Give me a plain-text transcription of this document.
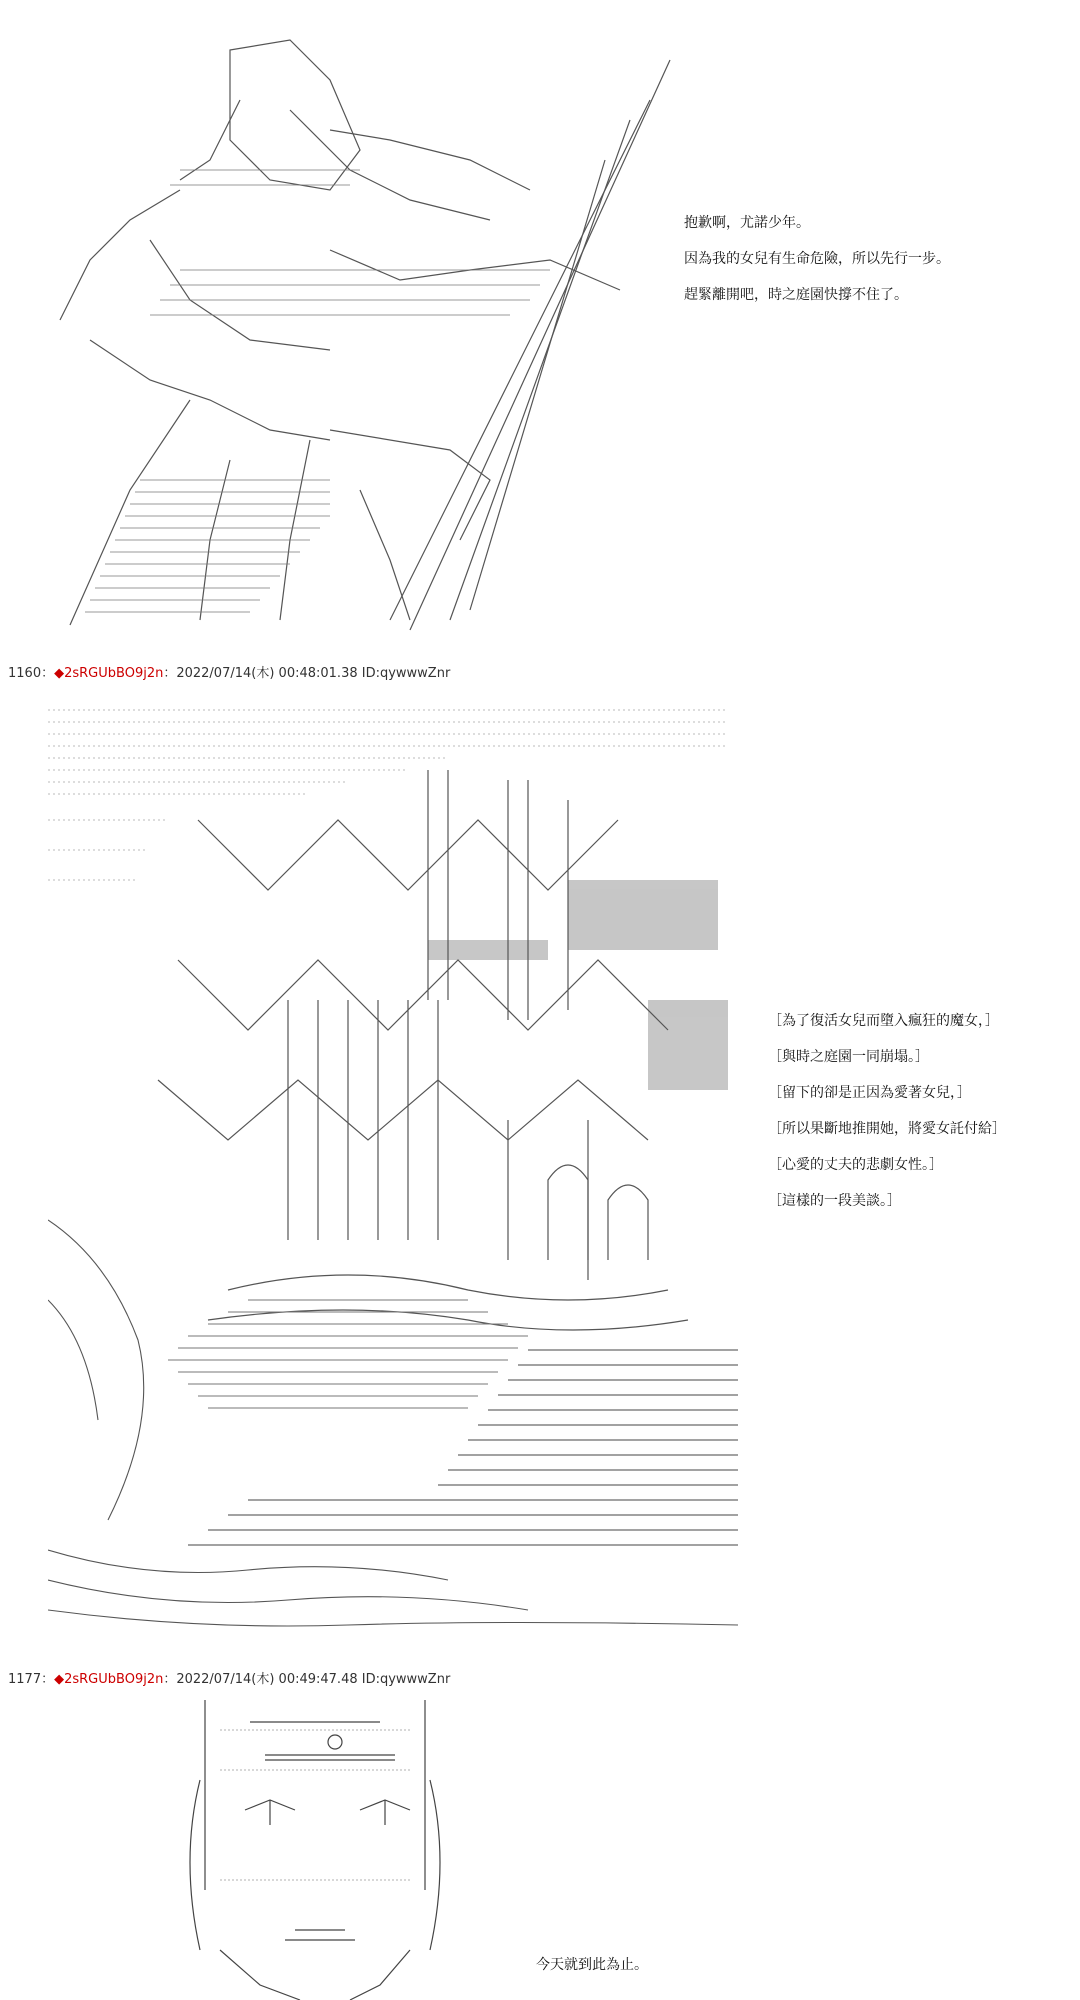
抱歉啊，尤諾少年。
因為我的女兒有生命危險，所以先行一步。
趕緊離開吧，時之庭園快撐不住了。
1160：◆2sRGUbBO9j2n：2022/07/14(木) 00:48:01.38 ID:qywwwZnr
［為了復活女兒而墮入瘋狂的魔女，］
［與時之庭園一同崩塌。］
［留下的卻是正因為愛著女兒，］
［所以果斷地推開她，將愛女託付給］
［心愛的丈夫的悲劇女性。］
［這樣的一段美談。］
1177：◆2sRGUbBO9j2n：2022/07/14(木) 00:49:47.48 ID:qywwwZnr
今天就到此為止。
